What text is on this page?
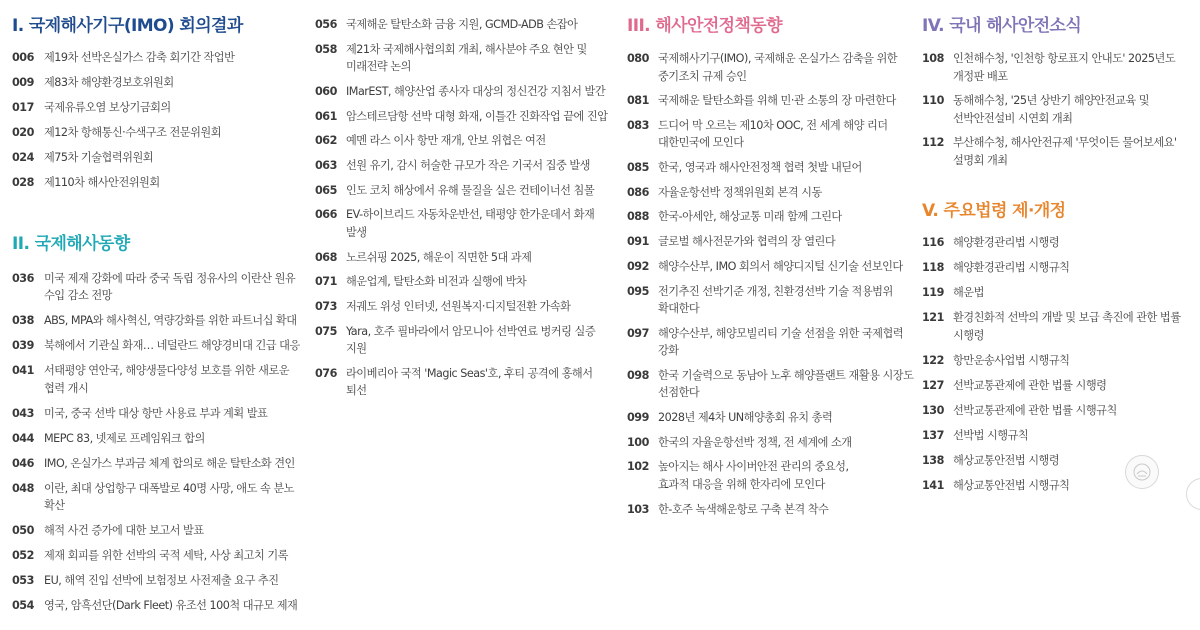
I. 국제해사기구(IMO) 회의결과
006 제19차 선박온실가스 감축 회기간 작업반
009 제83차 해양환경보호위원회
017 국제유류오염 보상기금회의
020 제12차 항해통신·수색구조 전문위원회
024 제75차 기술협력위원회
028 제110차 해사안전위원회
II. 국제해사동향
036 미국 제재 강화에 따라 중국 독립 정유사의 이란산 원유
수입 감소 전망
038 ABS, MPA와 해사혁신, 역량강화를 위한 파트너십 확대
039 북해에서 기관실 화재… 네덜란드 해양경비대 긴급 대응
041 서태평양 연안국, 해양생물다양성 보호를 위한 새로운
협력 개시
043 미국, 중국 선박 대상 항만 사용료 부과 계획 발표
044 MEPC 83, 넷제로 프레임워크 합의
046 IMO, 온실가스 부과금 체계 합의로 해운 탈탄소화 견인
048 이란, 최대 상업항구 대폭발로 40명 사망, 애도 속 분노
확산
050 해적 사건 증가에 대한 보고서 발표
052 제재 회피를 위한 선박의 국적 세탁, 사상 최고치 기록
053 EU, 해역 진입 선박에 보험정보 사전제출 요구 추진
054 영국, 암흑선단(Dark Fleet) 유조선 100척 대규모 제재
056 국제해운 탈탄소화 금융 지원, GCMD-ADB 손잡아
058 제21차 국제해사협의회 개최, 해사분야 주요 현안 및
미래전략 논의
060 IMarEST, 해양산업 종사자 대상의 정신건강 지침서 발간
061 암스테르담항 선박 대형 화재, 이틀간 진화작업 끝에 진압
062 예멘 라스 이사 항만 재개, 안보 위협은 여전
063 선원 유기, 감시 허술한 규모가 작은 기국서 집중 발생
065 인도 코치 해상에서 유해 물질을 실은 컨테이너선 침몰
066 EV-하이브리드 자동차운반선, 태평양 한가운데서 화재
발생
068 노르쉬핑 2025, 해운이 직면한 5대 과제
071 해운업계, 탈탄소화 비전과 실행에 박차
073 저궤도 위성 인터넷, 선원복지·디지털전환 가속화
075 Yara, 호주 필바라에서 암모니아 선박연료 벙커링 실증
지원
076 라이베리아 국적 'Magic Seas'호, 후티 공격에 홍해서
퇴선
III. 해사안전정책동향
080 국제해사기구(IMO), 국제해운 온실가스 감축을 위한
중기조치 규제 승인
081 국제해운 탈탄소화를 위해 민·관 소통의 장 마련한다
083 드디어 막 오르는 제10차 OOC, 전 세계 해양 리더
대한민국에 모인다
085 한국, 영국과 해사안전정책 협력 첫발 내딛어
086 자율운항선박 정책위원회 본격 시동
088 한국-아세안, 해상교통 미래 함께 그린다
091 글로벌 해사전문가와 협력의 장 열린다
092 해양수산부, IMO 회의서 해양디지털 신기술 선보인다
095 전기추진 선박기준 개정, 친환경선박 기술 적용범위
확대한다
097 해양수산부, 해양모빌리티 기술 선점을 위한 국제협력
강화
098 한국 기술력으로 동남아 노후 해양플랜트 재활용 시장도
선점한다
099 2028년 제4차 UN해양총회 유치 총력
100 한국의 자율운항선박 정책, 전 세계에 소개
102 높아지는 해사 사이버안전 관리의 중요성,
효과적 대응을 위해 한자리에 모인다
103 한-호주 녹색해운항로 구축 본격 착수
IV. 국내 해사안전소식
108 인천해수청, '인천항 항로표지 안내도' 2025년도
개정판 배포
110 동해해수청, '25년 상반기 해양안전교육 및
선박안전설비 시연회 개최
112 부산해수청, 해사안전규제 '무엇이든 물어보세요'
설명회 개최
V. 주요법령 제·개정
116 해양환경관리법 시행령
118 해양환경관리법 시행규칙
119 해운법
121 환경친화적 선박의 개발 및 보급 촉진에 관한 법률
시행령
122 항만운송사업법 시행규칙
127 선박교통관제에 관한 법률 시행령
130 선박교통관제에 관한 법률 시행규칙
137 선박법 시행규칙
138 해상교통안전법 시행령
141 해상교통안전법 시행규칙
